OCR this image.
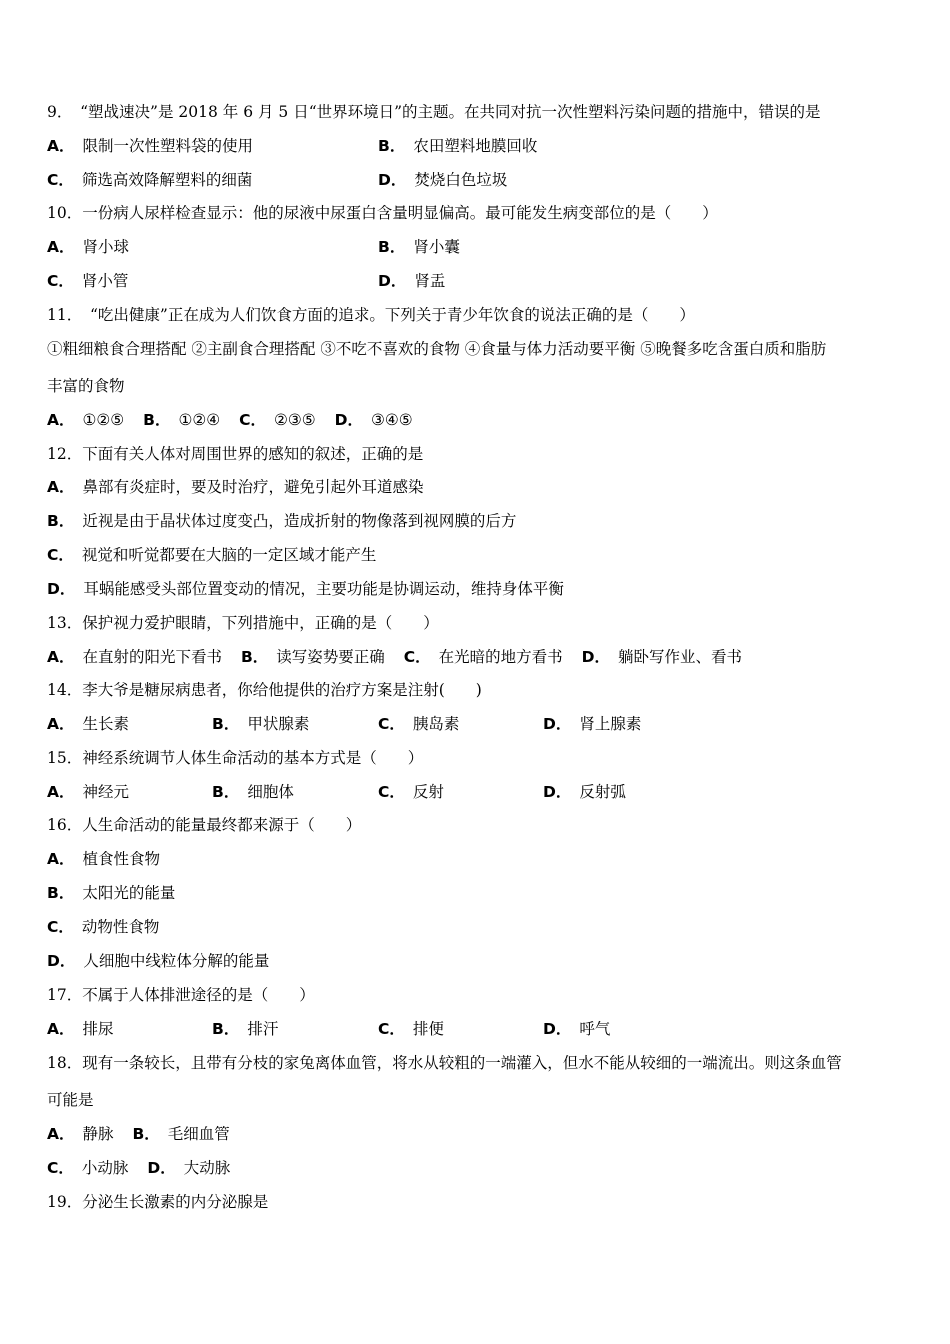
9．　“塑战速决”是 2018 年 6 月 5 日“世界环境日”的主题。在共同对抗一次性塑料污染问题的措施中，错误的是
A． 限制一次性塑料袋的使用	B． 农田塑料地膜回收
C． 筛选高效降解塑料的细菌	D． 焚烧白色垃圾
10．一份病人尿样检查显示：他的尿液中尿蛋白含量明显偏高。最可能发生病变部位的是（　　）
A． 肾小球	B． 肾小囊
C． 肾小管	D． 肾盂
11．　“吃出健康”正在成为人们饮食方面的追求。下列关于青少年饮食的说法正确的是（　　）
①粗细粮食合理搭配 ②主副食合理搭配 ③不吃不喜欢的食物 ④食量与体力活动要平衡 ⑤晚餐多吃含蛋白质和脂肪
丰富的食物
A． ①②⑤ B． ①②④ C． ②③⑤ D． ③④⑤
12．下面有关人体对周围世界的感知的叙述，正确的是
A． 鼻部有炎症时，要及时治疗，避免引起外耳道感染
B． 近视是由于晶状体过度变凸，造成折射的物像落到视网膜的后方
C． 视觉和听觉都要在大脑的一定区域才能产生
D． 耳蜗能感受头部位置变动的情况，主要功能是协调运动，维持身体平衡
13．保护视力爱护眼睛，下列措施中，正确的是（　　）
A． 在直射的阳光下看书 B． 读写姿势要正确 C． 在光暗的地方看书 D． 躺卧写作业、看书
14．李大爷是糖尿病患者，你给他提供的治疗方案是注射(　　)
A． 生长素	B． 甲状腺素	C． 胰岛素	D． 肾上腺素
15．神经系统调节人体生命活动的基本方式是（　　）
A． 神经元	B． 细胞体	C． 反射	D． 反射弧
16．人生命活动的能量最终都来源于（　　）
A． 植食性食物
B． 太阳光的能量
C． 动物性食物
D． 人细胞中线粒体分解的能量
17．不属于人体排泄途径的是（　　）
A． 排尿	B． 排汗	C． 排便	D． 呼气
18．现有一条较长，且带有分枝的家兔离体血管，将水从较粗的一端灌入，但水不能从较细的一端流出。则这条血管
可能是
A． 静脉 B． 毛细血管
C． 小动脉 D． 大动脉
19．分泌生长激素的内分泌腺是
